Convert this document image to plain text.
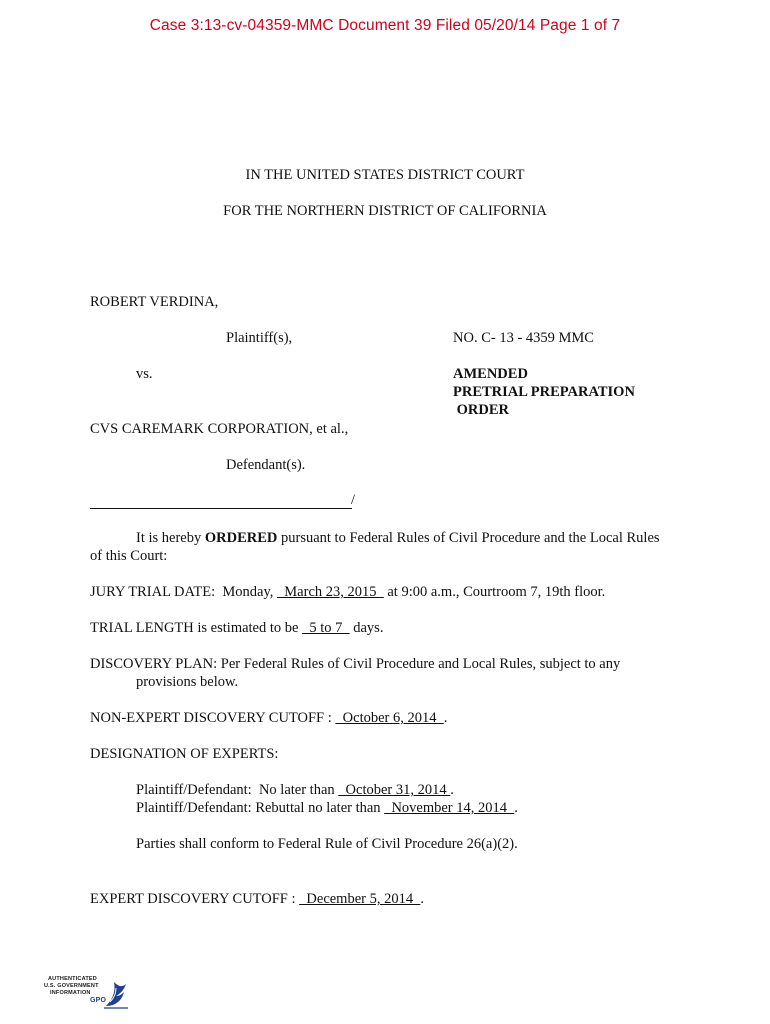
Case 3:13-cv-04359-MMC Document 39 Filed 05/20/14 Page 1 of 7
IN THE UNITED STATES DISTRICT COURT
FOR THE NORTHERN DISTRICT OF CALIFORNIA
ROBERT VERDINA,
Plaintiff(s),	NO. C- 13 - 4359 MMC
vs.	AMENDED
PRETRIAL PREPARATION
ORDER
CVS CAREMARK CORPORATION, et al.,
Defendant(s).
/
It is hereby ORDERED pursuant to Federal Rules of Civil Procedure and the Local Rules of this Court:
JURY TRIAL DATE:  Monday,   March 23, 2015   at 9:00 a.m., Courtroom 7, 19th floor.
TRIAL LENGTH is estimated to be   5 to 7   days.
DISCOVERY PLAN: Per Federal Rules of Civil Procedure and Local Rules, subject to any
provisions below.
NON-EXPERT DISCOVERY CUTOFF :   October 6, 2014  .
DESIGNATION OF EXPERTS:
Plaintiff/Defendant:  No later than   October 31, 2014 .
Plaintiff/Defendant: Rebuttal no later than   November 14, 2014  .
Parties shall conform to Federal Rule of Civil Procedure 26(a)(2).
EXPERT DISCOVERY CUTOFF :   December 5, 2014  .
AUTHENTICATED
U.S. GOVERNMENT
INFORMATION
GPO
